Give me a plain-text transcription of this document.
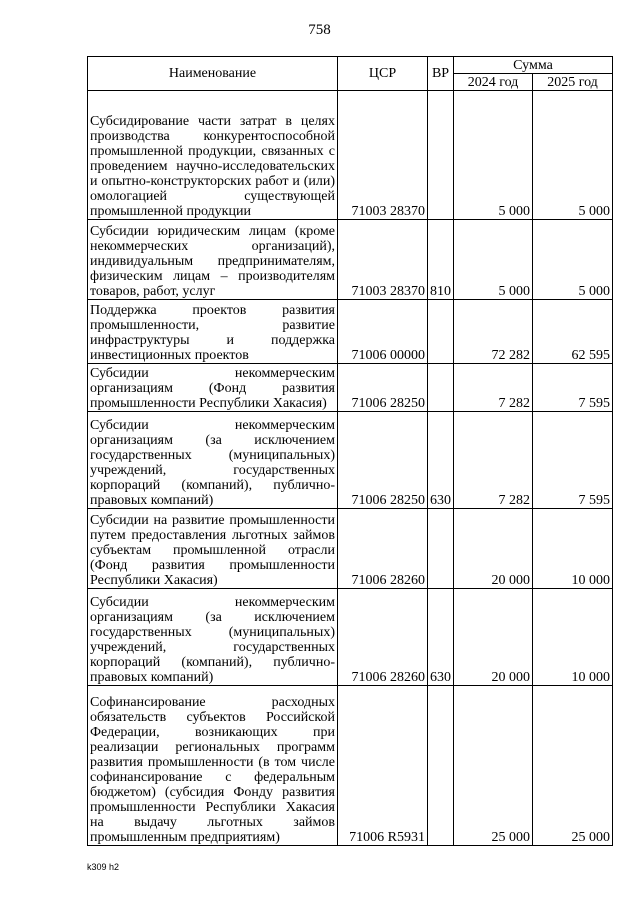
758
Наименование	ЦСР	ВР	Сумма	
			2024 год	2025 год
Субсидирование части затрат в целях производства конкурентоспособной промышленной продукции, связанных с проведением научно-исследовательских и опытно-конструкторских работ и (или) омологацией существующей промышленной продукции	71003 28370		5 000	5 000
Субсидии юридическим лицам (кроме некоммерческих организаций), индивидуальным предпринимателям, физическим лицам – производителям товаров, работ, услуг	71003 28370	810	5 000	5 000
Поддержка проектов развития промышленности, развитие инфраструктуры и поддержка инвестиционных проектов	71006 00000		72 282	62 595
Субсидии некоммерческим организациям (Фонд развития промышленности Республики Хакасия)	71006 28250		7 282	7 595
Субсидии некоммерческим организациям (за исключением государственных (муниципальных) учреждений, государственных корпораций (компаний), публично-правовых компаний)	71006 28250	630	7 282	7 595
Субсидии на развитие промышленности путем предоставления льготных займов субъектам промышленной отрасли (Фонд развития промышленности Республики Хакасия)	71006 28260		20 000	10 000
Субсидии некоммерческим организациям (за исключением государственных (муниципальных) учреждений, государственных корпораций (компаний), публично-правовых компаний)	71006 28260	630	20 000	10 000
Софинансирование расходных обязательств субъектов Российской Федерации, возникающих при реализации региональных программ развития промышленности (в том числе софинансирование с федеральным бюджетом) (субсидия Фонду развития промышленности Республики Хакасия на выдачу льготных займов промышленным предприятиям)	71006 R5931		25 000	25 000
k309 h2
